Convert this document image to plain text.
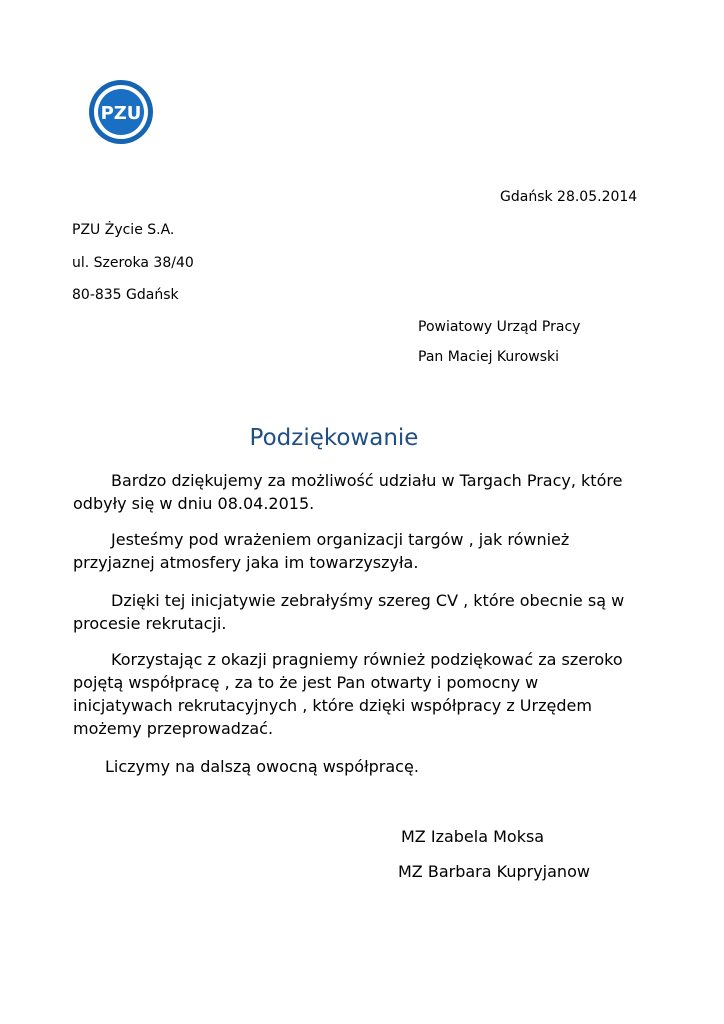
PZU
Gdańsk 28.05.2014
PZU Życie S.A.
ul. Szeroka 38/40
80-835 Gdańsk
Powiatowy Urząd Pracy
Pan Maciej Kurowski
Podziękowanie

Bardzo dziękujemy za możliwość udziału w Targach Pracy, które odbyły się w dniu 08.04.2015.

Jesteśmy pod wrażeniem organizacji targów , jak również przyjaznej atmosfery jaka im towarzyszyła.

Dzięki tej inicjatywie zebrałyśmy szereg CV , które obecnie są w procesie rekrutacji.

Korzystając z okazji pragniemy również podziękować za szeroko pojętą współpracę , za to że jest Pan otwarty i pomocny w inicjatywach rekrutacyjnych , które dzięki współpracy z Urzędem możemy przeprowadzać.

Liczymy na dalszą owocną współpracę.
MZ Izabela Moksa
MZ Barbara Kupryjanow
